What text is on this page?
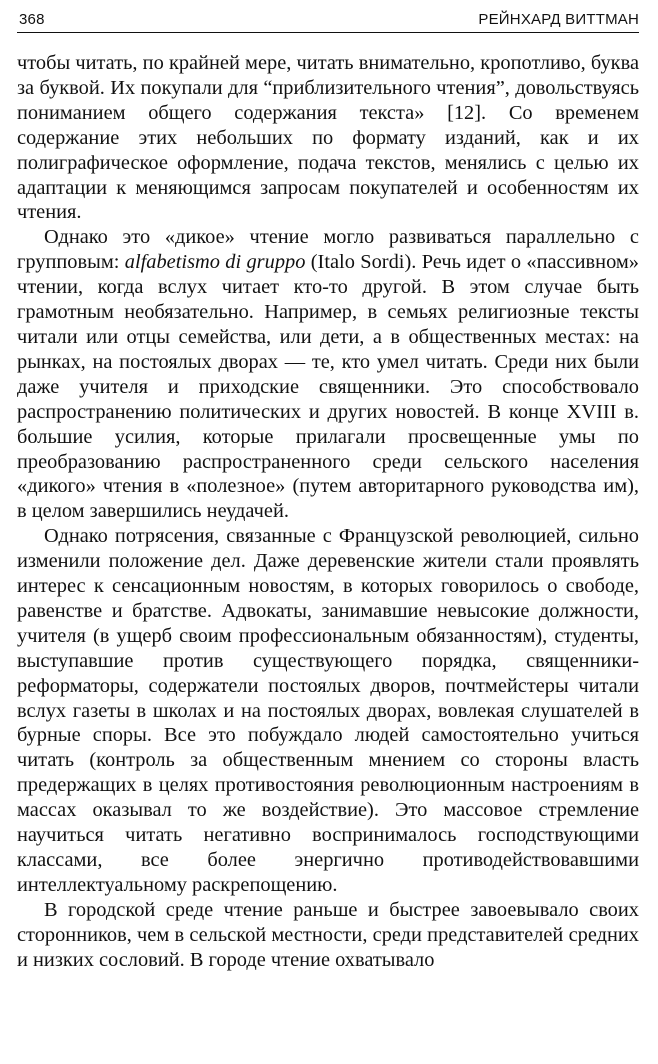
368	РЕЙНХАРД ВИТТМАН

чтобы читать, по крайней мере, читать внимательно, кропотливо, буква за буквой. Их покупали для “приблизительного чтения”, довольствуясь пониманием общего содержания текста» [12]. Со временем содержание этих небольших по формату изданий, как и их полиграфическое оформление, подача текстов, менялись с целью их адаптации к меняющимся запросам покупателей и особенностям их чтения.

Однако это «дикое» чтение могло развиваться параллельно с групповым: alfabetismo di gruppo (Italo Sordi). Речь идет о «пассивном» чтении, когда вслух читает кто-то другой. В этом случае быть грамотным необязательно. Например, в семьях религиозные тексты читали или отцы семейства, или дети, а в общественных местах: на рынках, на постоялых дворах — те, кто умел читать. Среди них были даже учителя и приходские священники. Это способствовало распространению политических и других новостей. В конце XVIII в. большие усилия, которые прилагали просвещенные умы по преобразованию распространенного среди сельского населения «дикого» чтения в «полезное» (путем авторитарного руководства им), в целом завершились неудачей.

Однако потрясения, связанные с Французской революцией, сильно изменили положение дел. Даже деревенские жители стали проявлять интерес к сенсационным новостям, в которых говорилось о свободе, равенстве и братстве. Адвокаты, занимавшие невысокие должности, учителя (в ущерб своим профессиональным обязанностям), студенты, выступавшие против существующего порядка, священники-реформаторы, содержатели постоялых дворов, почтмейстеры читали вслух газеты в школах и на постоялых дворах, вовлекая слушателей в бурные споры. Все это побуждало людей самостоятельно учиться читать (контроль за общественным мнением со стороны власть предержащих в целях противостояния революционным настроениям в массах оказывал то же воздействие). Это массовое стремление научиться читать негативно воспринималось господствующими классами, все более энергично противодействовавшими интеллектуальному раскрепощению.

В городской среде чтение раньше и быстрее завоевывало своих сторонников, чем в сельской местности, среди представителей средних и низких сословий. В городе чтение охватывало
